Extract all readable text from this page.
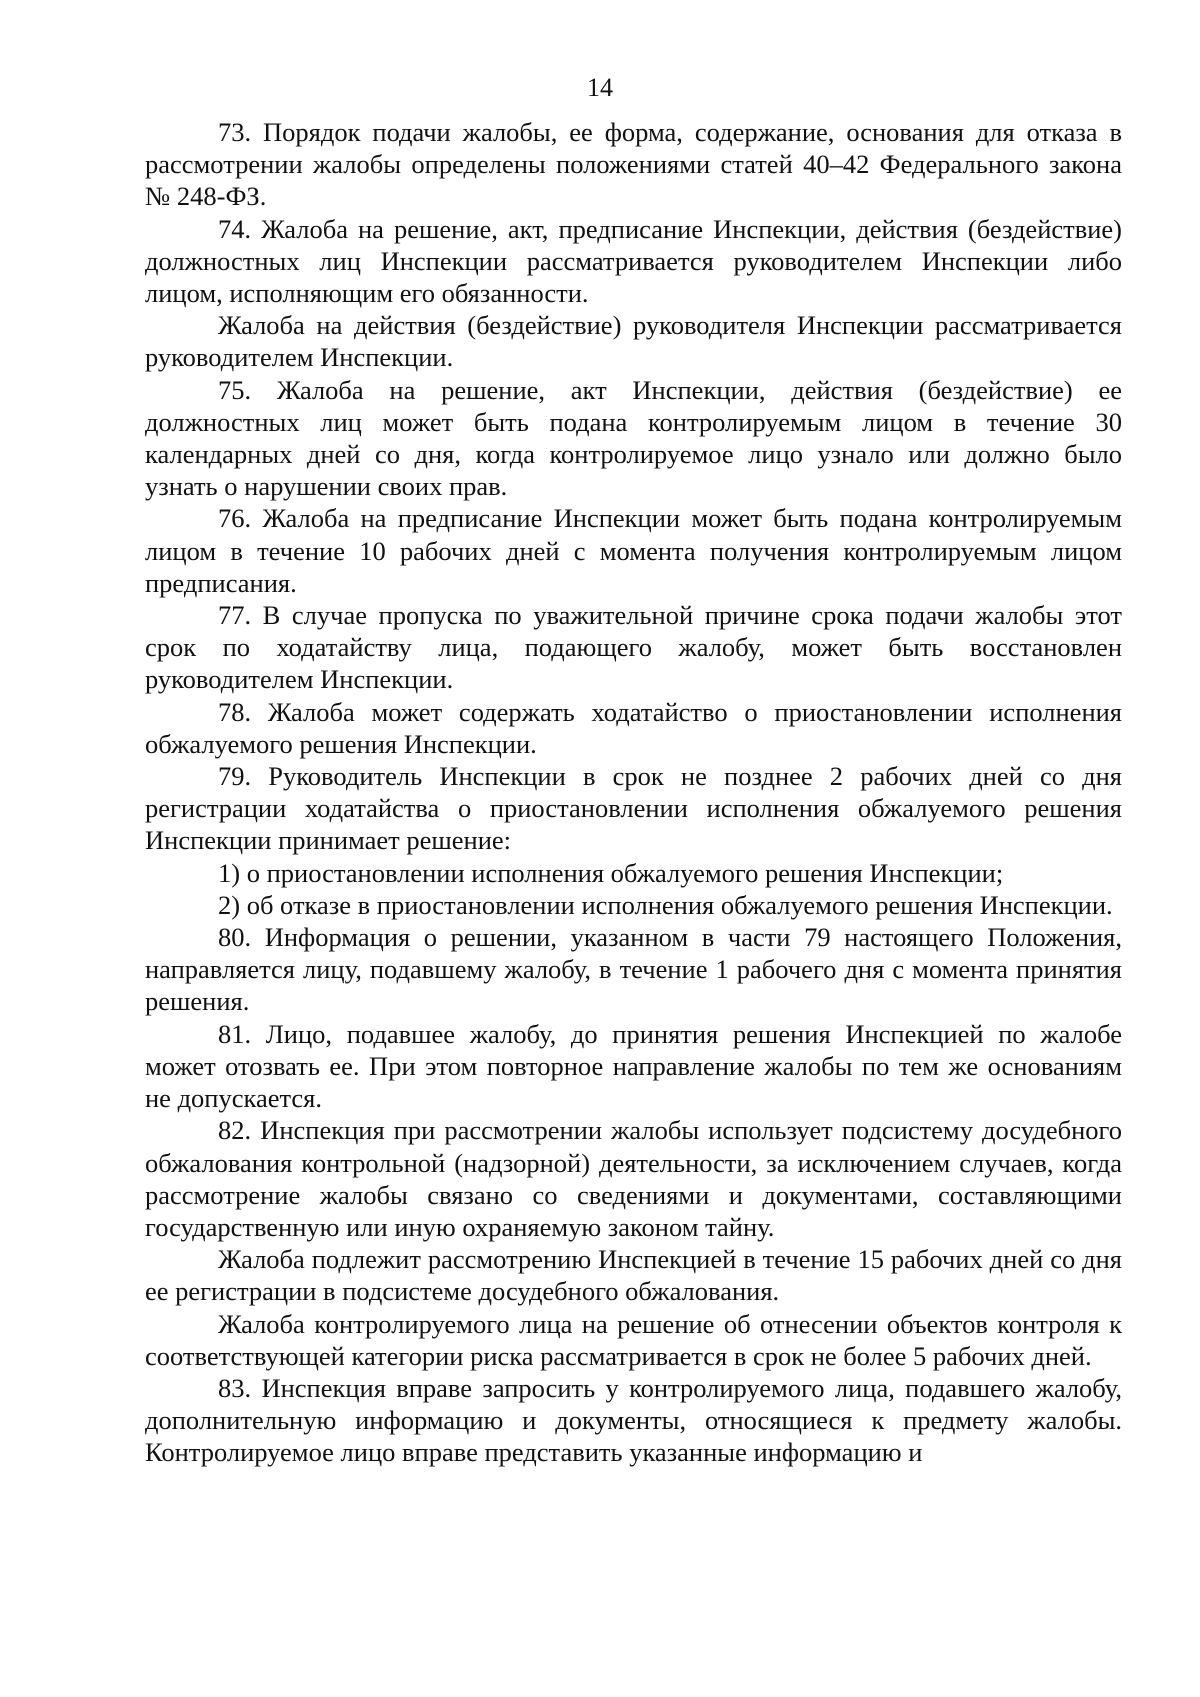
14

73. Порядок подачи жалобы, ее форма, содержание, основания для отказа в рассмотрении жалобы определены положениями статей 40–42 Федерального закона № 248-ФЗ.

74. Жалоба на решение, акт, предписание Инспекции, действия (бездействие) должностных лиц Инспекции рассматривается руководителем Инспекции либо лицом, исполняющим его обязанности.

Жалоба на действия (бездействие) руководителя Инспекции рассматривается руководителем Инспекции.

75. Жалоба на решение, акт Инспекции, действия (бездействие) ее должностных лиц может быть подана контролируемым лицом в течение 30 календарных дней со дня, когда контролируемое лицо узнало или должно было узнать о нарушении своих прав.

76. Жалоба на предписание Инспекции может быть подана контролируемым лицом в течение 10 рабочих дней с момента получения контролируемым лицом предписания.

77. В случае пропуска по уважительной причине срока подачи жалобы этот срок по ходатайству лица, подающего жалобу, может быть восстановлен руководителем Инспекции.

78. Жалоба может содержать ходатайство о приостановлении исполнения обжалуемого решения Инспекции.

79. Руководитель Инспекции в срок не позднее 2 рабочих дней со дня регистрации ходатайства о приостановлении исполнения обжалуемого решения Инспекции принимает решение:

1) о приостановлении исполнения обжалуемого решения Инспекции;

2) об отказе в приостановлении исполнения обжалуемого решения Инспекции.

80. Информация о решении, указанном в части 79 настоящего Положения, направляется лицу, подавшему жалобу, в течение 1 рабочего дня с момента принятия решения.

81. Лицо, подавшее жалобу, до принятия решения Инспекцией по жалобе может отозвать ее. При этом повторное направление жалобы по тем же основаниям не допускается.

82. Инспекция при рассмотрении жалобы использует подсистему досудебного обжалования контрольной (надзорной) деятельности, за исключением случаев, когда рассмотрение жалобы связано со сведениями и документами, составляющими государственную или иную охраняемую законом тайну.

Жалоба подлежит рассмотрению Инспекцией в течение 15 рабочих дней со дня ее регистрации в подсистеме досудебного обжалования.

Жалоба контролируемого лица на решение об отнесении объектов контроля к соответствующей категории риска рассматривается в срок не более 5 рабочих дней.

83. Инспекция вправе запросить у контролируемого лица, подавшего жалобу, дополнительную информацию и документы, относящиеся к предмету жалобы. Контролируемое лицо вправе представить указанные информацию и
